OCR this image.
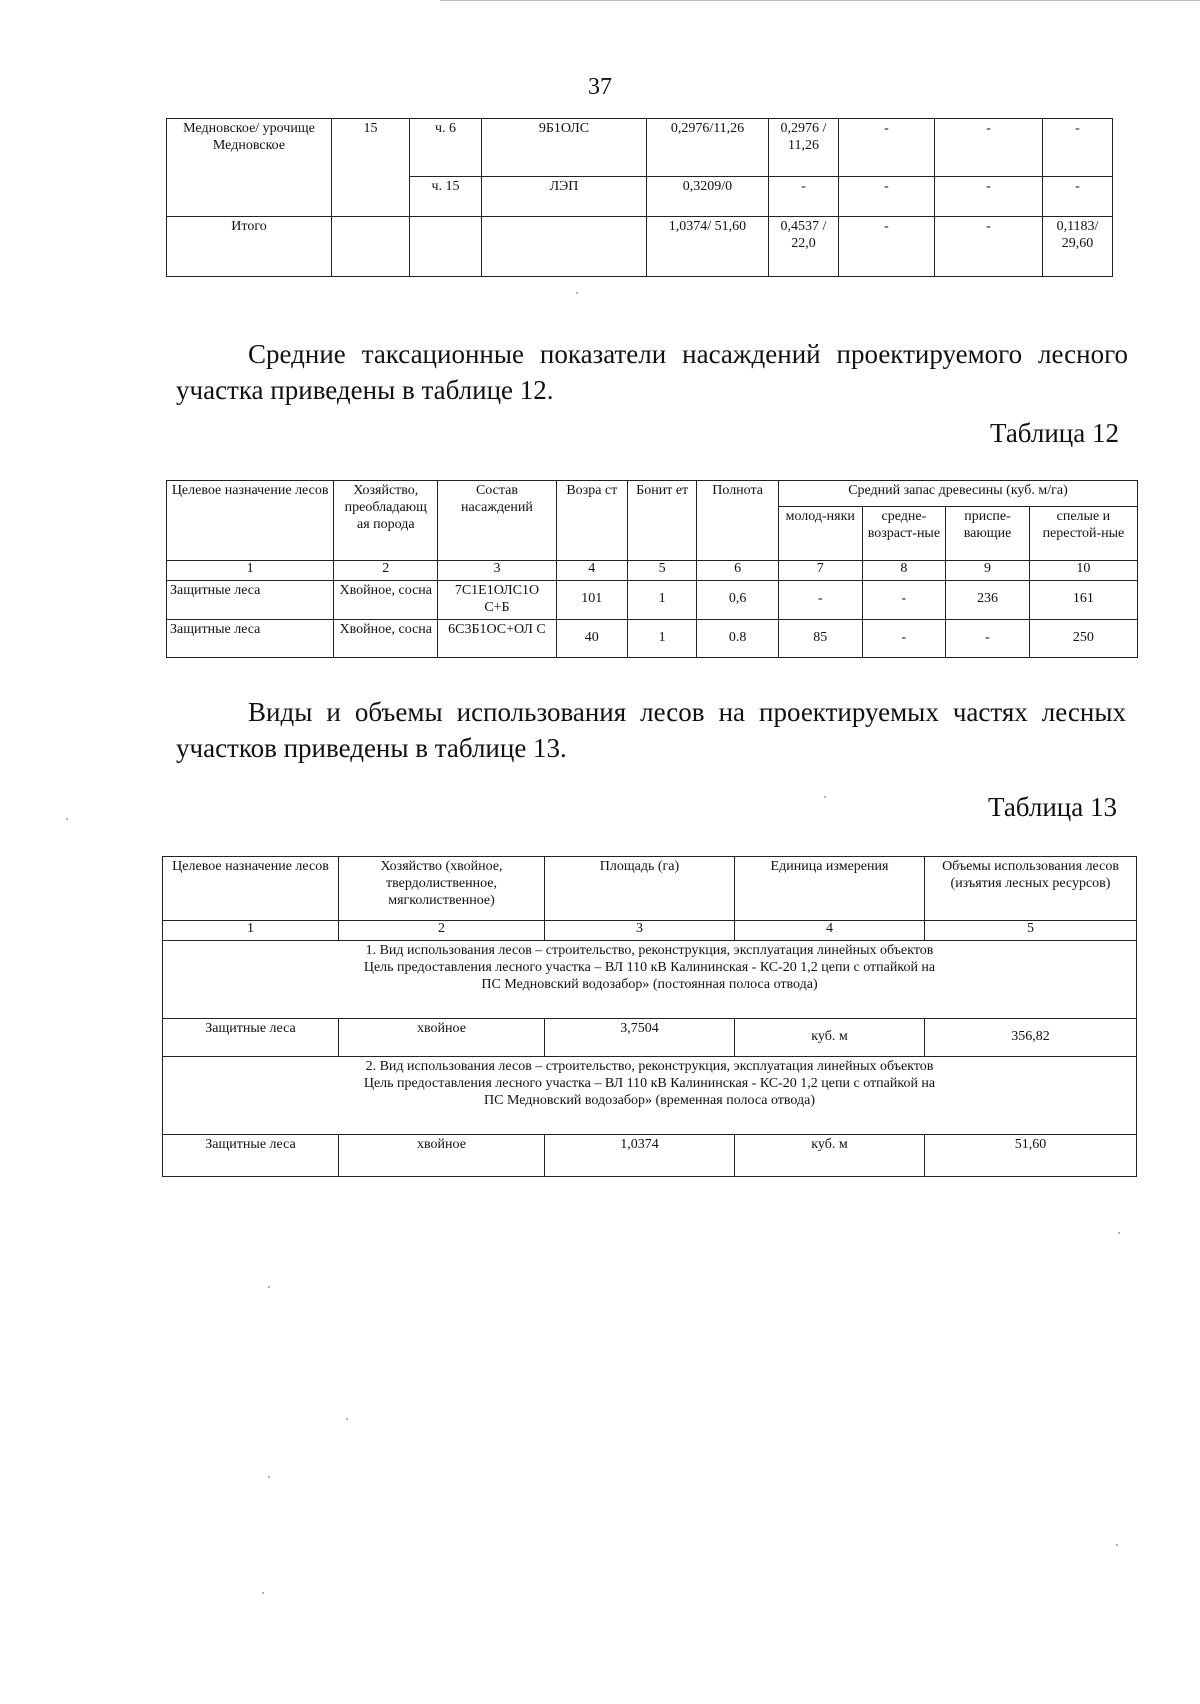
37
Медновское/ урочище Медновское	15	ч. 6	9Б1ОЛС	0,2976/11,26	0,2976 / 11,26	-	-	-
		ч. 15	ЛЭП	0,3209/0	-	-	-	-
Итого				1,0374/ 51,60	0,4537 / 22,0	-	-	0,1183/ 29,60
Средние таксационные показатели насаждений проектируемого лесного участка приведены в таблице 12.
Таблица 12
Целевое назначение лесов	Хозяйство, преобладающ ая порода	Состав насаждений	Возра ст	Бонит ет	Полнота	Средний запас древесины (куб. м/га)			
						молод-няки	средне-возраст-ные	приспе-вающие	спелые и перестой-ные
1	2	3	4	5	6	7	8	9	10
Защитные леса	Хвойное, сосна	7С1Е1ОЛС1О С+Б	101	1	0,6	-	-	236	161
Защитные леса	Хвойное, сосна	6С3Б1ОС+ОЛ С	40	1	0.8	85	-	-	250
Виды и объемы использования лесов на проектируемых частях лесных участков приведены в таблице 13.
Таблица 13
Целевое назначение лесов	Хозяйство (хвойное, твердолиственное, мягколиственное)	Площадь (га)	Единица измерения	Объемы использования лесов (изъятия лесных ресурсов)
1	2	3	4	5

1. Вид использования лесов – строительство, реконструкция, эксплуатация линейных объектов
Цель предоставления лесного участка – ВЛ 110 кВ Калининская - КС-20 1,2 цепи с отпайкой на
ПС Медновский водозабор» (постоянная полоса отвода)				

Защитные леса	хвойное	3,7504	куб. м	356,82

2. Вид использования лесов – строительство, реконструкция, эксплуатация линейных объектов
Цель предоставления лесного участка – ВЛ 110 кВ Калининская - КС-20 1,2 цепи с отпайкой на
ПС Медновский водозабор» (временная полоса отвода)				

Защитные леса	хвойное	1,0374	куб. м	51,60
